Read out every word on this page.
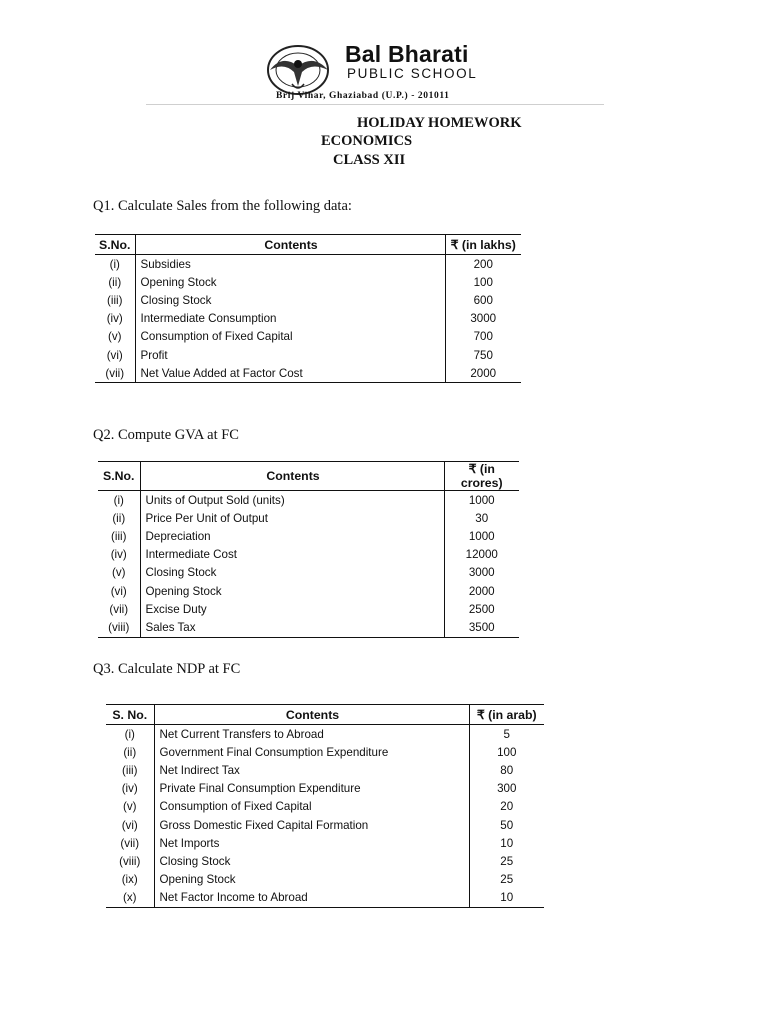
Bal Bharati
PUBLIC SCHOOL
Brij Vihar, Ghaziabad (U.P.) - 201011
HOLIDAY HOMEWORK
ECONOMICS
CLASS XII
Q1. Calculate Sales from the following data:
S.No.	Contents	₹ (in lakhs)
(i)	Subsidies	200
(ii)	Opening Stock	100
(iii)	Closing Stock	600
(iv)	Intermediate Consumption	3000
(v)	Consumption of Fixed Capital	700
(vi)	Profit	750
(vii)	Net Value Added at Factor Cost	2000
Q2. Compute GVA at FC
S.No.	Contents	₹ (in crores)
(i)	Units of Output Sold (units)	1000
(ii)	Price Per Unit of Output	30
(iii)	Depreciation	1000
(iv)	Intermediate Cost	12000
(v)	Closing Stock	3000
(vi)	Opening Stock	2000
(vii)	Excise Duty	2500
(viii)	Sales Tax	3500
Q3. Calculate NDP at FC
S. No.	Contents	₹ (in arab)
(i)	Net Current Transfers to Abroad	5
(ii)	Government Final Consumption Expenditure	100
(iii)	Net Indirect Tax	80
(iv)	Private Final Consumption Expenditure	300
(v)	Consumption of Fixed Capital	20
(vi)	Gross Domestic Fixed Capital Formation	50
(vii)	Net Imports	10
(viii)	Closing Stock	25
(ix)	Opening Stock	25
(x)	Net Factor Income to Abroad	10
